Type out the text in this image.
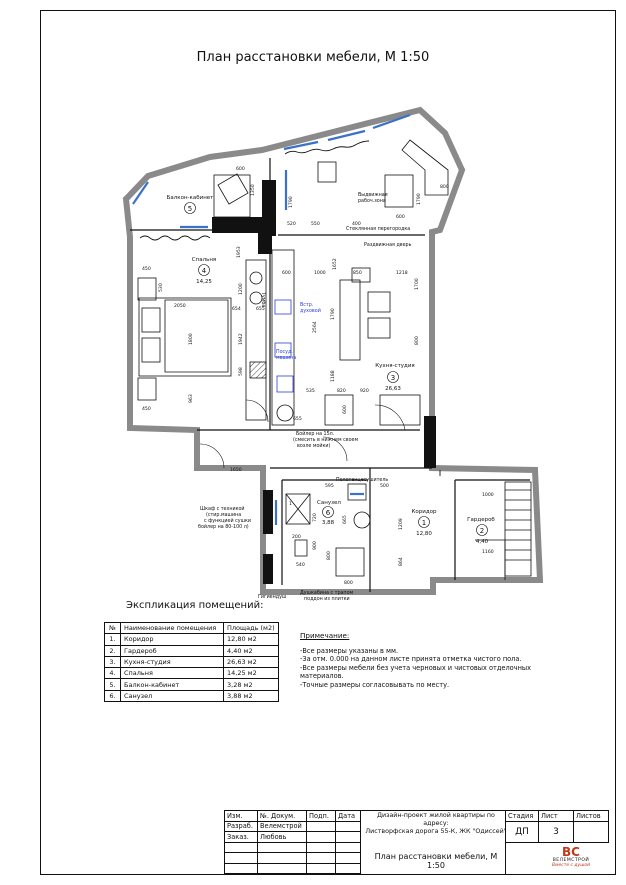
План расстановки мебели, М 1:50
Балкон-кабинет
5
Спальня
4
14,25
Кухня-студия
3
26,63
Санузел
6
3,88
Коридор
1
12,80
Гардероб
2
4,40
Выдвижная
рабоч.зона
Стеклянная перегородка
Раздвижная дверь
Тумба	Встр.
духовой
Посуд.
машина
Бойлер на 15л.
(смесить в нижнем своем
возле мойки)
Полотенцесушитель
Шкаф с техникой
(стир.машина
с функцией сушки
бойлер на 80-100 л)
Гигиендуш
Душкабина с трапом
поддон из плитки
600
1350
1790
520	550	400
600
1790
800
450
530
2050
1800
963
450
1953
1200
654	655
600	1000
1652
850	1218
1700
1790
1188
820
535
600
800
2564
598
1942
655
920
1650
595	500
1000
1160
1209
864
720	665
200
900
800
800
540
1
Экспликация помещений:
№	Наименование помещения	Площадь (м2)
1.	Коридор	12,80 м2
2.	Гардероб	4,40 м2
3.	Кухня-студия	26,63 м2
4.	Спальня	14,25 м2
5.	Балкон-кабинет	3,28 м2
6.	Санузел	3,88 м2
Примечание:

-Все размеры указаны в мм.

-За отм. 0.000 на данном листе принята отметка чистого пола.

-Все размеры мебели без учета черновых и чистовых отделочных материалов.

-Точные размеры согласовывать по месту.

Изм.	№. Докум.	Подп.	Дата		Стадия	Лист	Листов
Разраб.	Велемстрой				ДП	3	
Заказ.	Любовь						

Дизайн-проект жилой квартиры по
адресу:
Листворфская дорога 55-К, ЖК "Одиссей"
План расстановки мебели, М 1:50
ВС
ВЕЛЕМСТРОЙ
Вместе с душой
